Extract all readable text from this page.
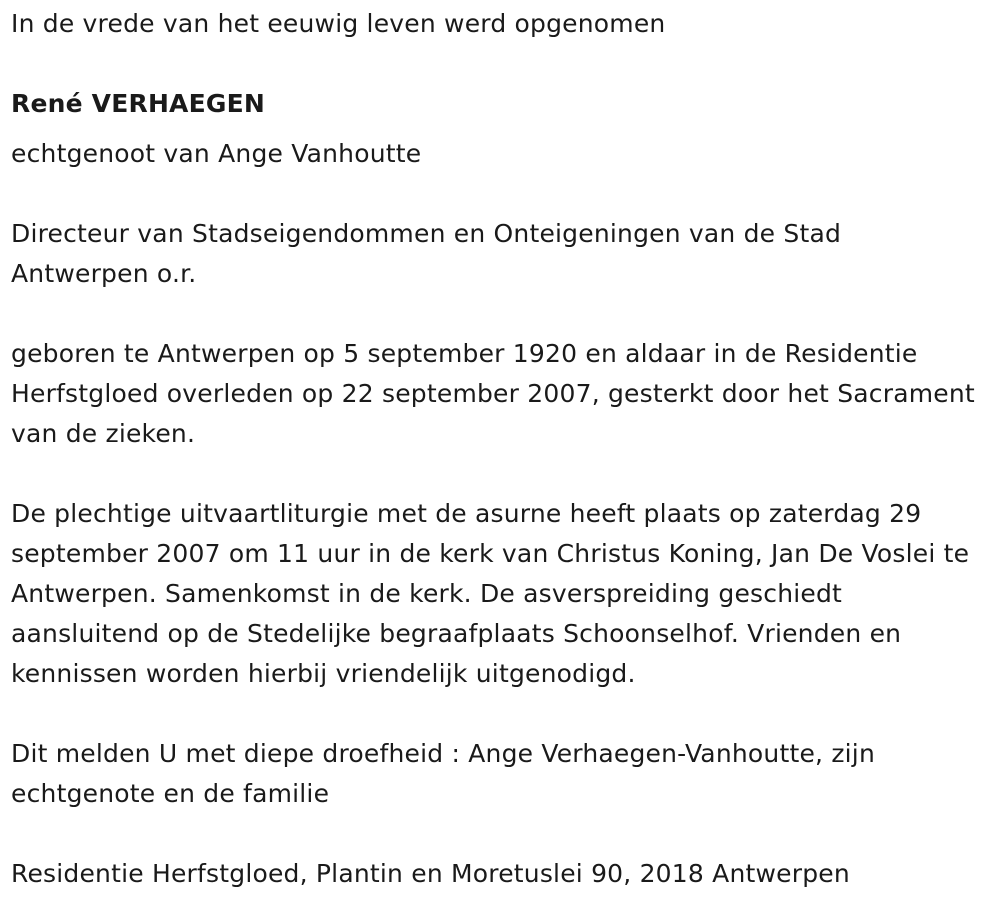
In de vrede van het eeuwig leven werd opgenomen

René VERHAEGEN

echtgenoot van Ange Vanhoutte

Directeur van Stadseigendommen en Onteigeningen van de Stad Antwerpen o.r.

geboren te Antwerpen op 5 september 1920 en aldaar in de Residentie Herfstgloed overleden op 22 september 2007, gesterkt door het Sacrament van de zieken.

De plechtige uitvaartliturgie met de asurne heeft plaats op zaterdag 29 september 2007 om 11 uur in de kerk van Christus Koning, Jan De Voslei te Antwerpen. Samenkomst in de kerk. De asverspreiding geschiedt aansluitend op de Stedelijke begraafplaats Schoonselhof. Vrienden en kennissen worden hierbij vriendelijk uitgenodigd.

Dit melden U met diepe droefheid : Ange Verhaegen-Vanhoutte, zijn echtgenote en de familie

Residentie Herfstgloed, Plantin en Moretuslei 90, 2018 Antwerpen
